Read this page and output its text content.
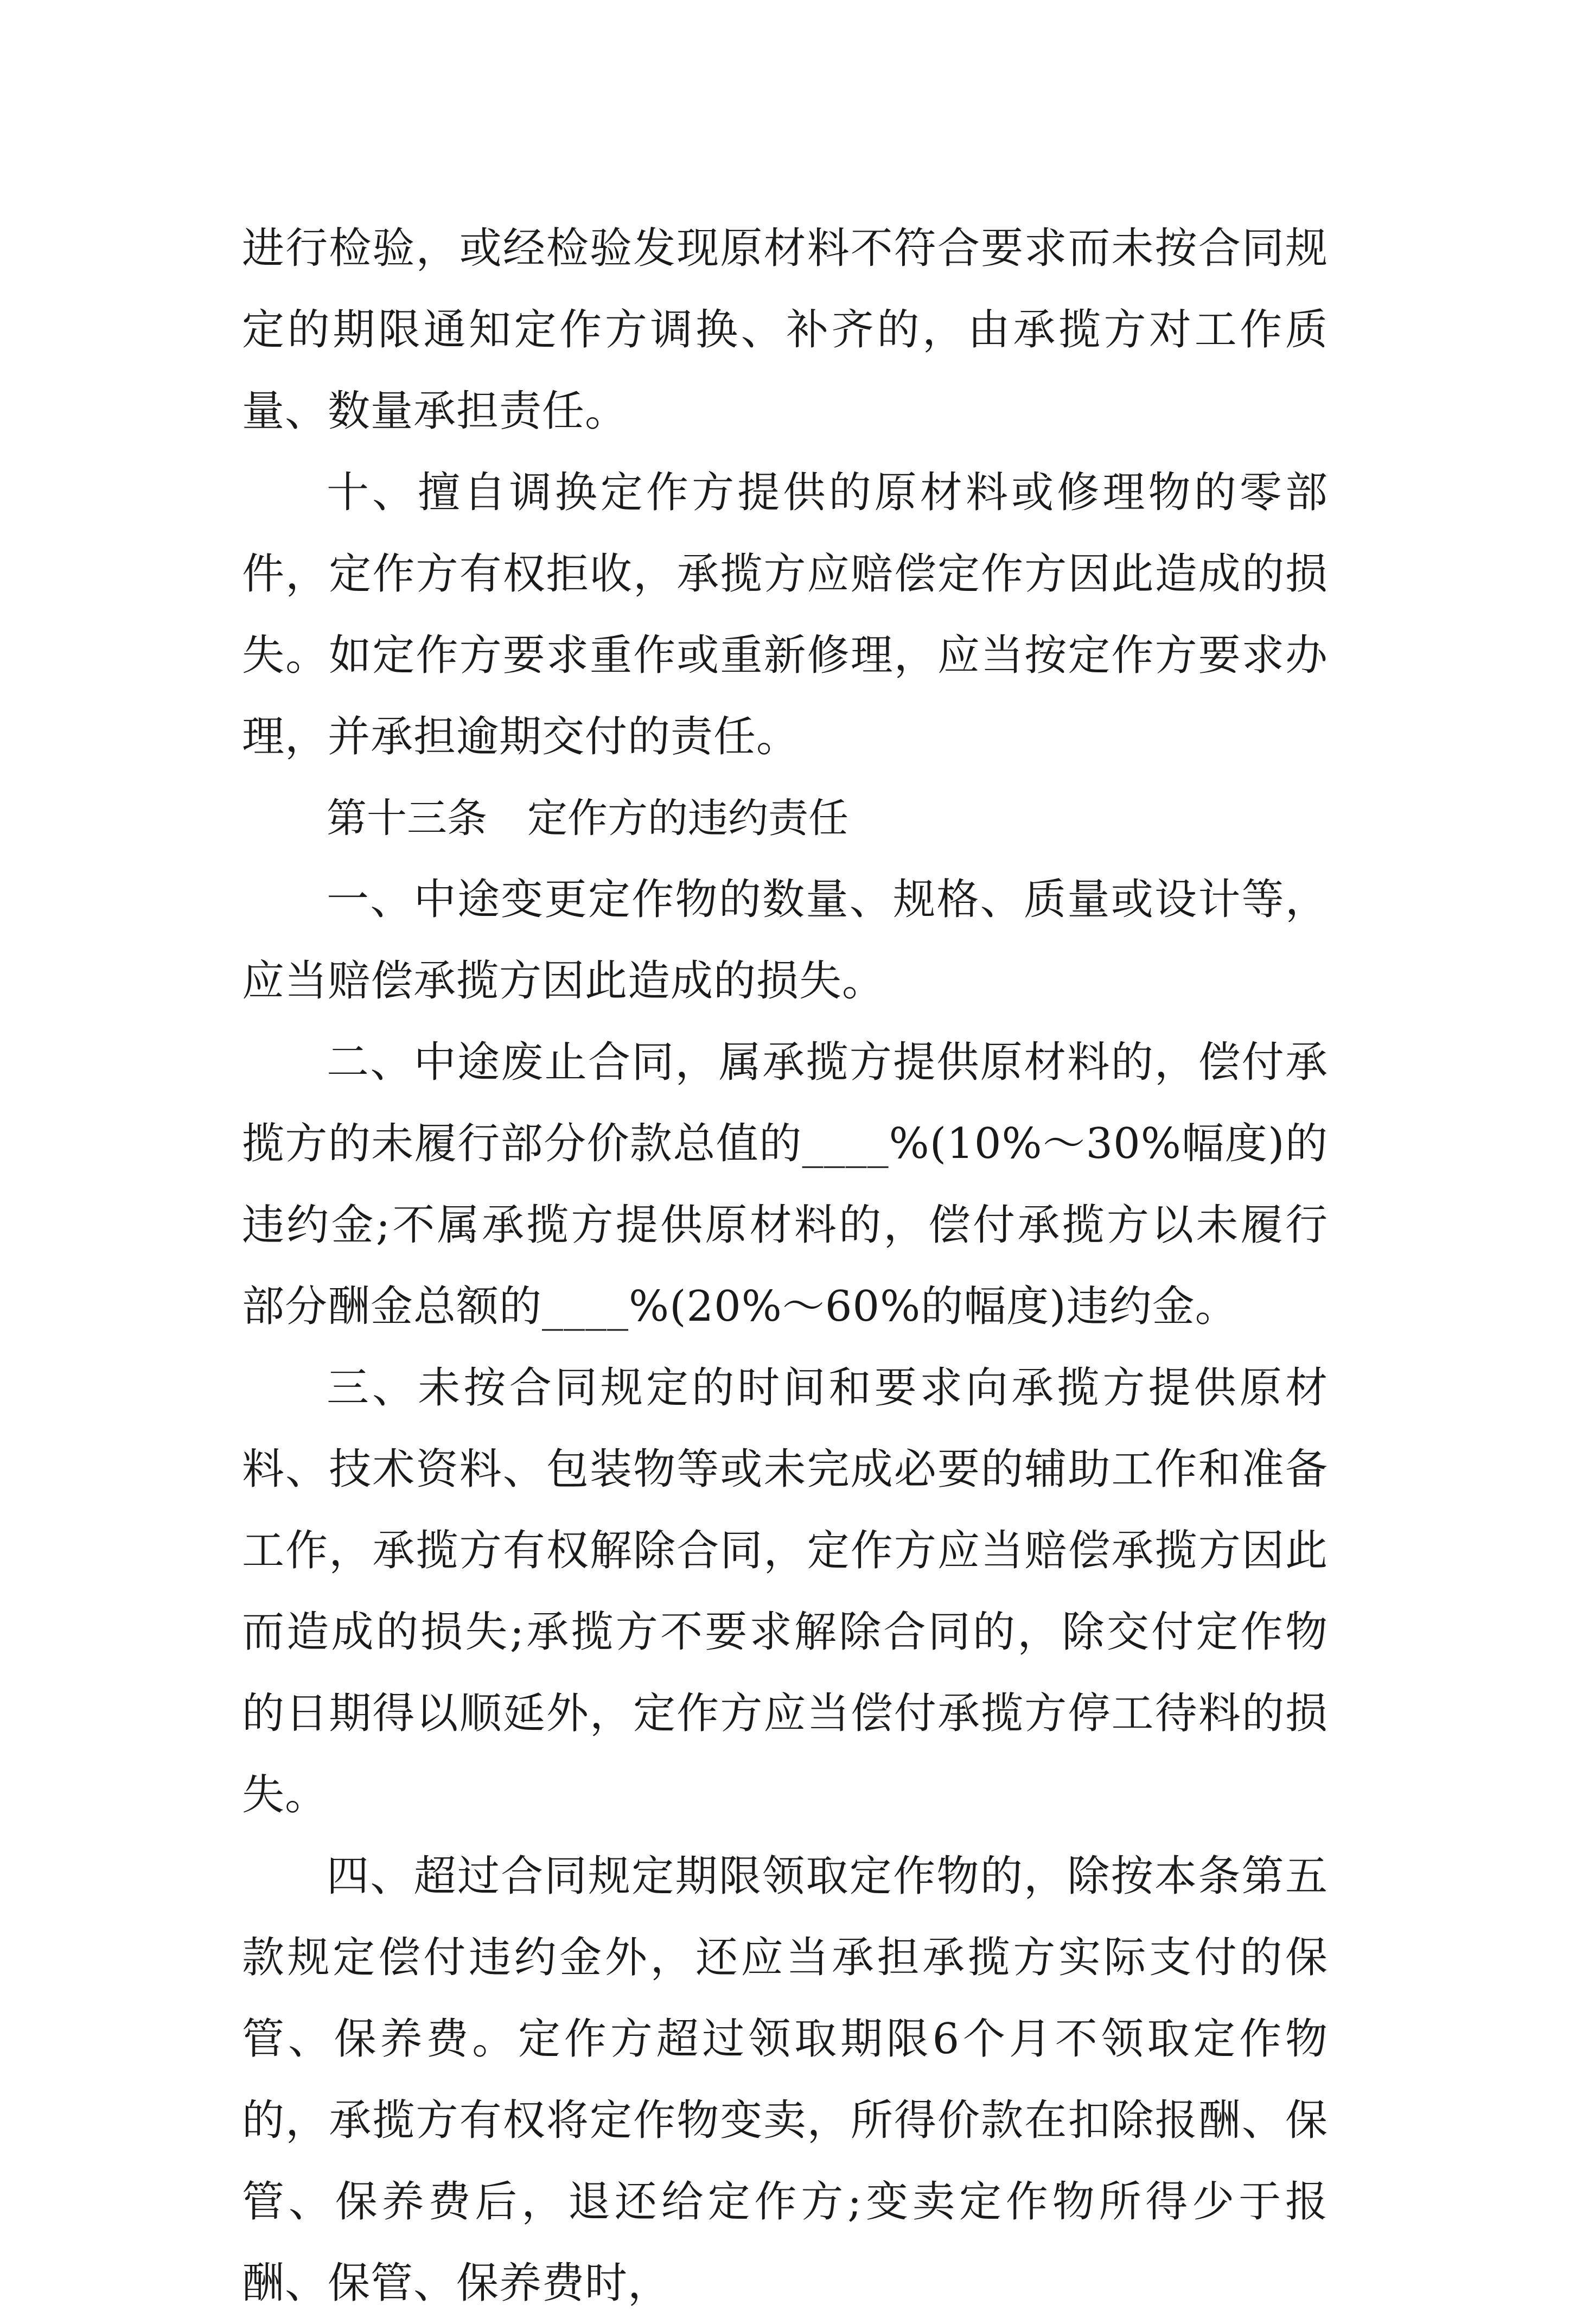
进行检验，或经检验发现原材料不符合要求而未按合同规定的期限通知定作方调换、补齐的，由承揽方对工作质量、数量承担责任。

十、擅自调换定作方提供的原材料或修理物的零部件，定作方有权拒收，承揽方应赔偿定作方因此造成的损失。如定作方要求重作或重新修理，应当按定作方要求办理，并承担逾期交付的责任。

第十三条　定作方的违约责任

一、中途变更定作物的数量、规格、质量或设计等，应当赔偿承揽方因此造成的损失。

二、中途废止合同，属承揽方提供原材料的，偿付承揽方的未履行部分价款总值的____%(10%～30%幅度)的违约金;不属承揽方提供原材料的，偿付承揽方以未履行部分酬金总额的____%(20%～60%的幅度)违约金。

三、未按合同规定的时间和要求向承揽方提供原材料、技术资料、包装物等或未完成必要的辅助工作和准备工作，承揽方有权解除合同，定作方应当赔偿承揽方因此而造成的损失;承揽方不要求解除合同的，除交付定作物的日期得以顺延外，定作方应当偿付承揽方停工待料的损失。

四、超过合同规定期限领取定作物的，除按本条第五款规定偿付违约金外，还应当承担承揽方实际支付的保管、保养费。定作方超过领取期限6个月不领取定作物的，承揽方有权将定作物变卖，所得价款在扣除报酬、保管、保养费后，退还给定作方;变卖定作物所得少于报酬、保管、保养费时，
